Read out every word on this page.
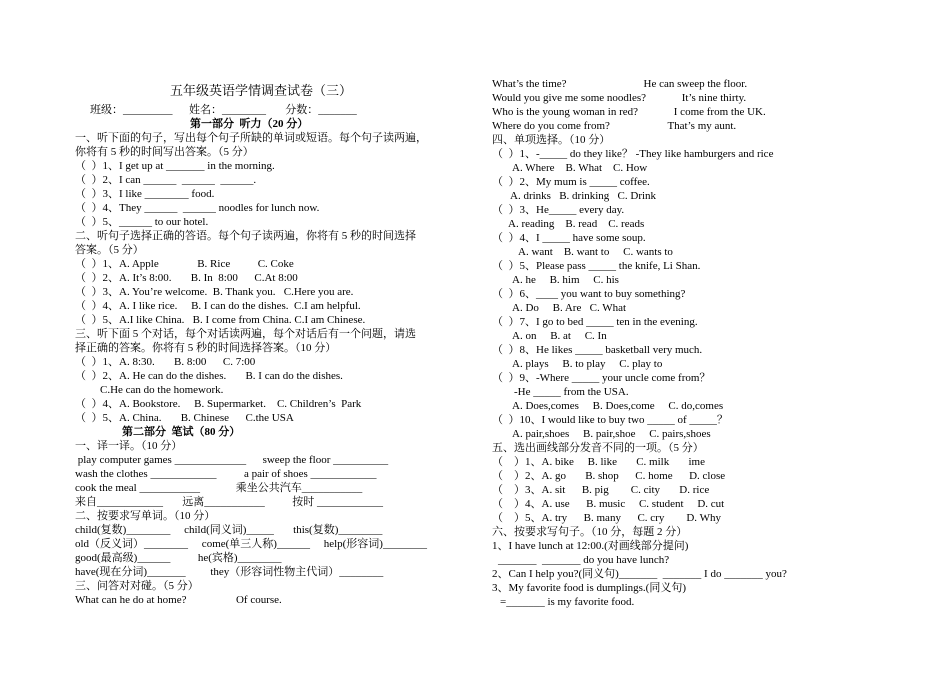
五年级英语学情调查试卷（三）
班级：_________      姓名：________       分数：_______
第一部分  听力（20 分）
一、听下面的句子，写出每个句子所缺的单词或短语。每个句子读两遍，
你将有 5 秒的时间写出答案。（5 分）
（  ）1、I get up at _______ in the morning.
（  ）2、I can ______  ______  ______.
（  ）3、I like ________ food.
（  ）4、They ______  ______ noodles for lunch now.
（  ）5、______ to our hotel.
二、听句子选择正确的答语。每个句子读两遍，你将有 5 秒的时间选择
答案。（5 分）
（  ）1、A. Apple              B. Rice          C. Coke
（  ）2、A. It’s 8:00.       B. In  8:00      C.At 8:00
（  ）3、A. You’re welcome.  B. Thank you.   C.Here you are.
（  ）4、A. I like rice.     B. I can do the dishes.  C.I am helpful.
（  ）5、A.I like China.   B. I come from China. C.I am Chinese.
三、听下面 5 个对话，每个对话读两遍，每个对话后有一个问题，请选
择正确的答案。你将有 5 秒的时间选择答案。（10 分）
（  ）1、A. 8:30.       B. 8:00      C. 7:00
（  ）2、A. He can do the dishes.       B. I can do the dishes.
C.He can do the homework.
（  ）4、A. Bookstore.     B. Supermarket.    C. Children’s  Park
（  ）5、A. China.       B. Chinese      C.the USA
第二部分  笔试（80 分）
一、译一译。（10 分）
play computer games _____________      sweep the floor __________
wash the clothes ____________          a pair of shoes ____________
cook the meal ___________             乘坐公共汽车___________
来自____________       远离___________          按时 ____________
二、按要求写单词。（10 分）
child(复数)________     child(同义词)_____       this(复数)________
old（反义词）________     come(单三人称)______     help(形容词)________
good(最高级)______          he(宾格)________
have(现在分词)_______         they（形容词性物主代词）________
三、问答对对碰。（5 分）
What can he do at home?                  Of course.
What’s the time?                            He can sweep the floor.
Would you give me some noodles?             It’s nine thirty.
Who is the young woman in red?             I come from the UK.
Where do you come from?                     That’s my aunt.
四、单项选择。（10 分）
（  ）1、-_____ do they like？ -They like hamburgers and rice
A. Where    B. What    C. How
（  ）2、My mum is _____ coffee.
A. drinks   B. drinking   C. Drink
（  ）3、He_____ every day.
A. reading    B. read    C. reads
（  ）4、I _____ have some soup.
A. want    B. want to     C. wants to
（  ）5、Please pass _____ the knife, Li Shan.
A. he     B. him     C. his
（  ）6、____ you want to buy something?
A. Do     B. Are   C. What
（  ）7、I go to bed _____ ten in the evening.
A. on     B. at     C. In
（  ）8、He likes _____ basketball very much.
A. plays     B. to play     C. play to
（  ）9、-Where _____ your uncle come from？
-He _____ from the USA.
A. Does,comes     B. Does,come     C. do,comes
（  ）10、I would like to buy two _____ of _____？
A. pair,shoes     B. pair,shoe     C. pairs,shoes
五、选出画线部分发音不同的一项。（5 分）
（    ）1、A. bike     B. like       C. milk       ime
（    ）2、A. go       B. shop      C. home      D. close
（    ）3、A. sit      B. pig        C. city       D. rice
（    ）4、A. use      B. music     C. student     D. cut
（    ）5、A. try      B. many      C. cry        D. Why
六、按要求写句子。（10 分，每题 2 分）
1、I have lunch at 12:00.(对画线部分提问)
_______  _______ do you have lunch?
2、Can I help you?(同义句)_______  _______ I do _______ you?
3、My favorite food is dumplings.(同义句)
=_______ is my favorite food.
